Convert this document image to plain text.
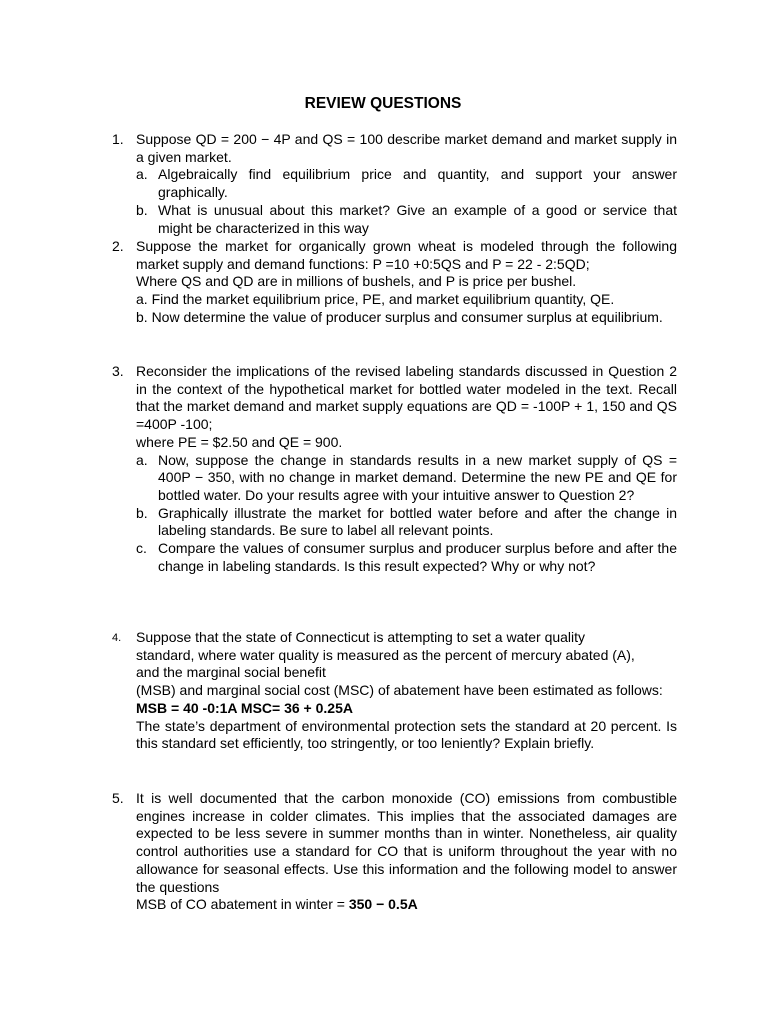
REVIEW QUESTIONS
1. Suppose QD = 200 − 4P and QS = 100 describe market demand and market supply in a given market.

a. Algebraically find equilibrium price and quantity, and support your answer graphically.
b. What is unusual about this market? Give an example of a good or service that might be characterized in this way
2. Suppose the market for organically grown wheat is modeled through the following market supply and demand functions: P =10 +0:5QS and P = 22 - 2:5QD;

Where QS and QD are in millions of bushels, and P is price per bushel.

a. Find the market equilibrium price, PE, and market equilibrium quantity, QE.

b. Now determine the value of producer surplus and consumer surplus at equilibrium.

3. Reconsider the implications of the revised labeling standards discussed in Question 2 in the context of the hypothetical market for bottled water modeled in the text. Recall that the market demand and market supply equations are QD = -100P + 1, 150 and QS =400P -100;

where PE = $2.50 and QE = 900.

a. Now, suppose the change in standards results in a new market supply of QS = 400P − 350, with no change in market demand. Determine the new PE and QE for bottled water. Do your results agree with your intuitive answer to Question 2?
b. Graphically illustrate the market for bottled water before and after the change in labeling standards. Be sure to label all relevant points.
c. Compare the values of consumer surplus and producer surplus before and after the change in labeling standards. Is this result expected? Why or why not?
4. Suppose that the state of Connecticut is attempting to set a water quality

standard, where water quality is measured as the percent of mercury abated (A),

and the marginal social benefit

(MSB) and marginal social cost (MSC) of abatement have been estimated as follows:

MSB = 40 -0:1A MSC= 36 + 0.25A

The state’s department of environmental protection sets the standard at 20 percent. Is this standard set efficiently, too stringently, or too leniently? Explain briefly.

5. It is well documented that the carbon monoxide (CO) emissions from combustible engines increase in colder climates. This implies that the associated damages are expected to be less severe in summer months than in winter. Nonetheless, air quality control authorities use a standard for CO that is uniform throughout the year with no allowance for seasonal effects. Use this information and the following model to answer the questions

MSB of CO abatement in winter = 350 − 0.5A
